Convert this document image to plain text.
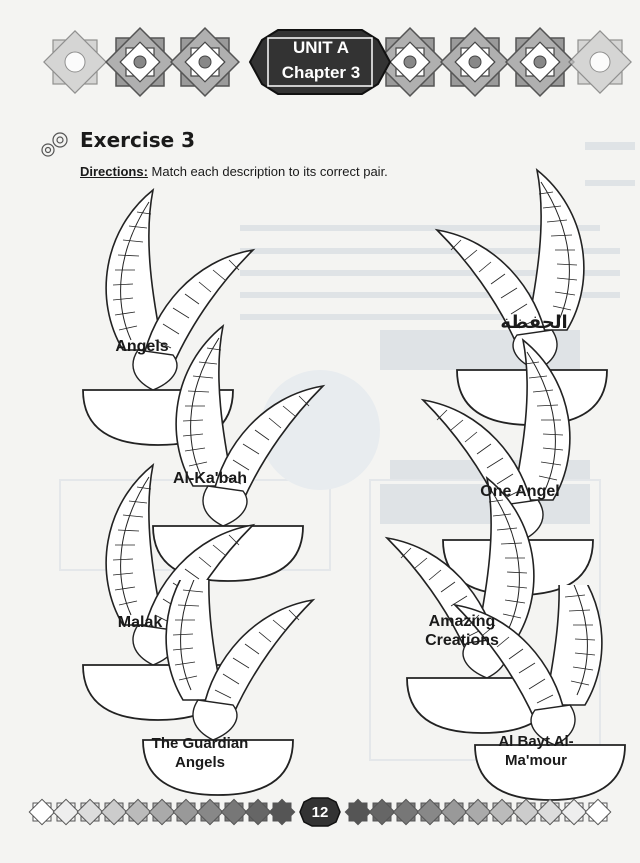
UNIT A
Chapter 3
Exercise 3
Directions: Match each description to its correct pair.
Angels
Al-Ka'bah
Malak
The Guardian Angels
الحفظة
One Angel
Amazing Creations
Al Bayt Al-Ma'mour
12
